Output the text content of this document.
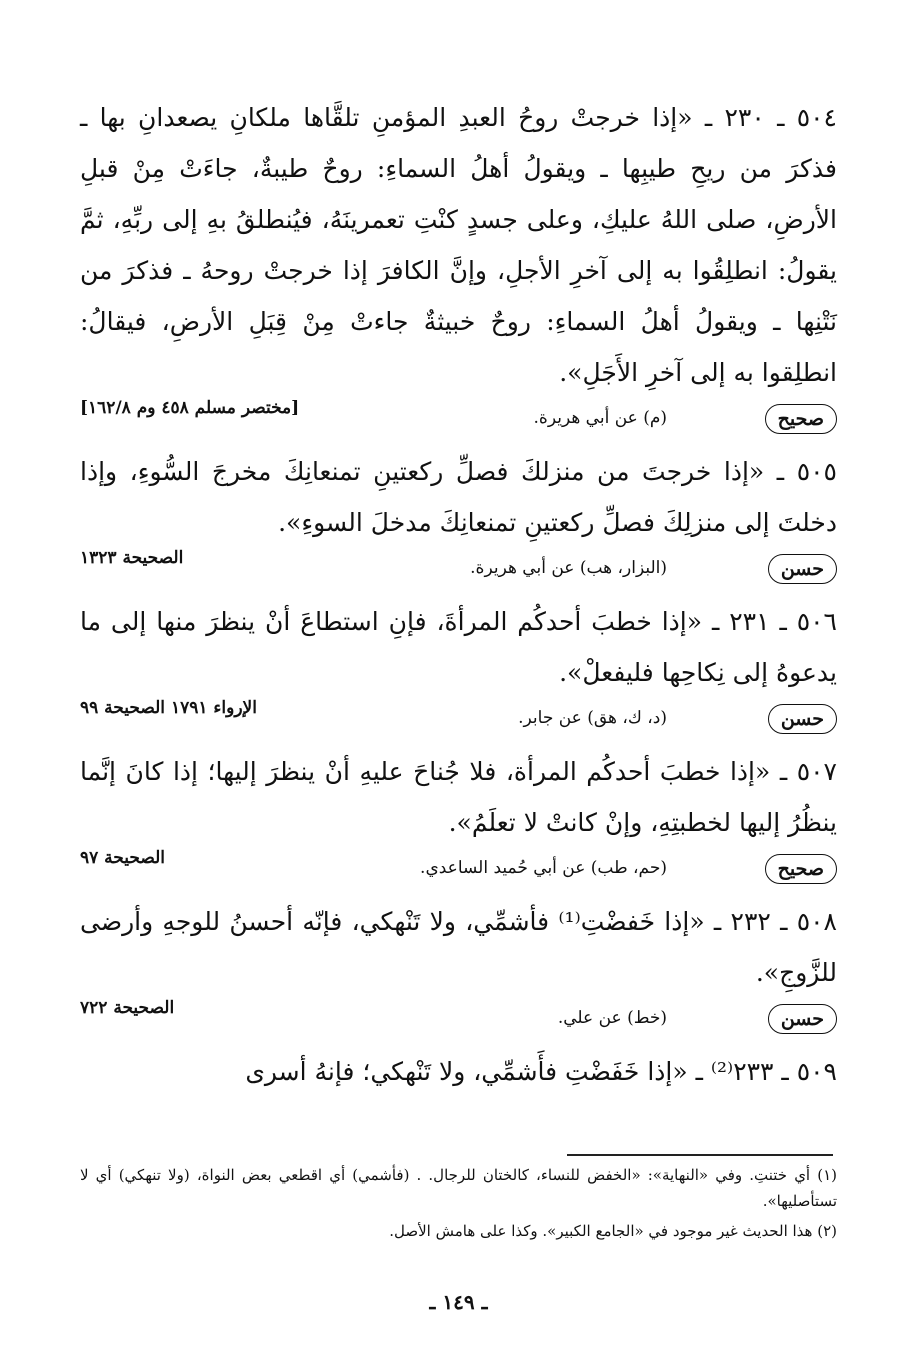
٥٠٤ ـ ٢٣٠ ـ «إذا خرجتْ روحُ العبدِ المؤمنِ تلقَّاها ملكانِ يصعدانِ بها ـ فذكرَ من ريحِ طيبِها ـ ويقولُ أهلُ السماءِ: روحٌ طيبةٌ، جاءَتْ مِنْ قبلِ الأرضِ، صلى اللهُ عليكِ، وعلى جسدٍ كنْتِ تعمرينَهُ، فيُنطلقُ بهِ إلى ربِّهِ، ثمَّ يقولُ: انطلِقُوا به إلى آخرِ الأجلِ، وإنَّ الكافرَ إذا خرجتْ روحهُ ـ فذكرَ من نَتْنِها ـ ويقولُ أهلُ السماءِ: روحٌ خبيثةٌ جاءتْ مِنْ قِبَلِ الأرضِ، فيقالُ: انطلِقوا به إلى آخرِ الأَجَلِ».

صحيح
(م) عن أبي هريرة.
[مختصر مسلم ٤٥٨ وم ١٦٢/٨]

٥٠٥ ـ «إذا خرجتَ من منزلكَ فصلِّ ركعتينِ تمنعانِكَ مخرجَ السُّوءِ، وإذا دخلتَ إلى منزلِكَ فصلِّ ركعتينِ تمنعانِكَ مدخلَ السوءِ».

حسن
(البزار، هب) عن أبي هريرة.
الصحيحة ١٣٢٣

٥٠٦ ـ ٢٣١ ـ «إذا خطبَ أحدكُم المرأةَ، فإنِ استطاعَ أنْ ينظرَ منها إلى ما يدعوهُ إلى نِكاحِها فليفعلْ».

حسن
(د، ك، هق) عن جابر.
الإرواء ١٧٩١ الصحيحة ٩٩

٥٠٧ ـ «إذا خطبَ أحدكُم المرأة، فلا جُناحَ عليهِ أنْ ينظرَ إليها؛ إذا كانَ إنَّما ينظُرُ إليها لخطبتِهِ، وإنْ كانتْ لا تعلَمُ».

صحيح
(حم، طب) عن أبي حُميد الساعدي.
الصحيحة ٩٧

٥٠٨ ـ ٢٣٢ ـ «إذا خَفضْتِ⁽¹⁾ فأشمِّي، ولا تَنْهكي، فإنّه أحسنُ للوجهِ وأرضى للزَّوجِ».

حسن
(خط) عن علي.
الصحيحة ٧٢٢

٥٠٩ ـ ٢٣٣⁽²⁾ ـ «إذا خَفَضْتِ فأَشمِّي، ولا تَنْهكي؛ فإنهُ أسرى

(١) أي ختنتِ. وفي «النهاية»: «الخفض للنساء، كالختان للرجال. . (فأشمي) أي اقطعي بعض النواة، (ولا تنهكي) أي لا تستأصليها».

(٢) هذا الحديث غير موجود في «الجامع الكبير». وكذا على هامش الأصل.

ـ ١٤٩ ـ
